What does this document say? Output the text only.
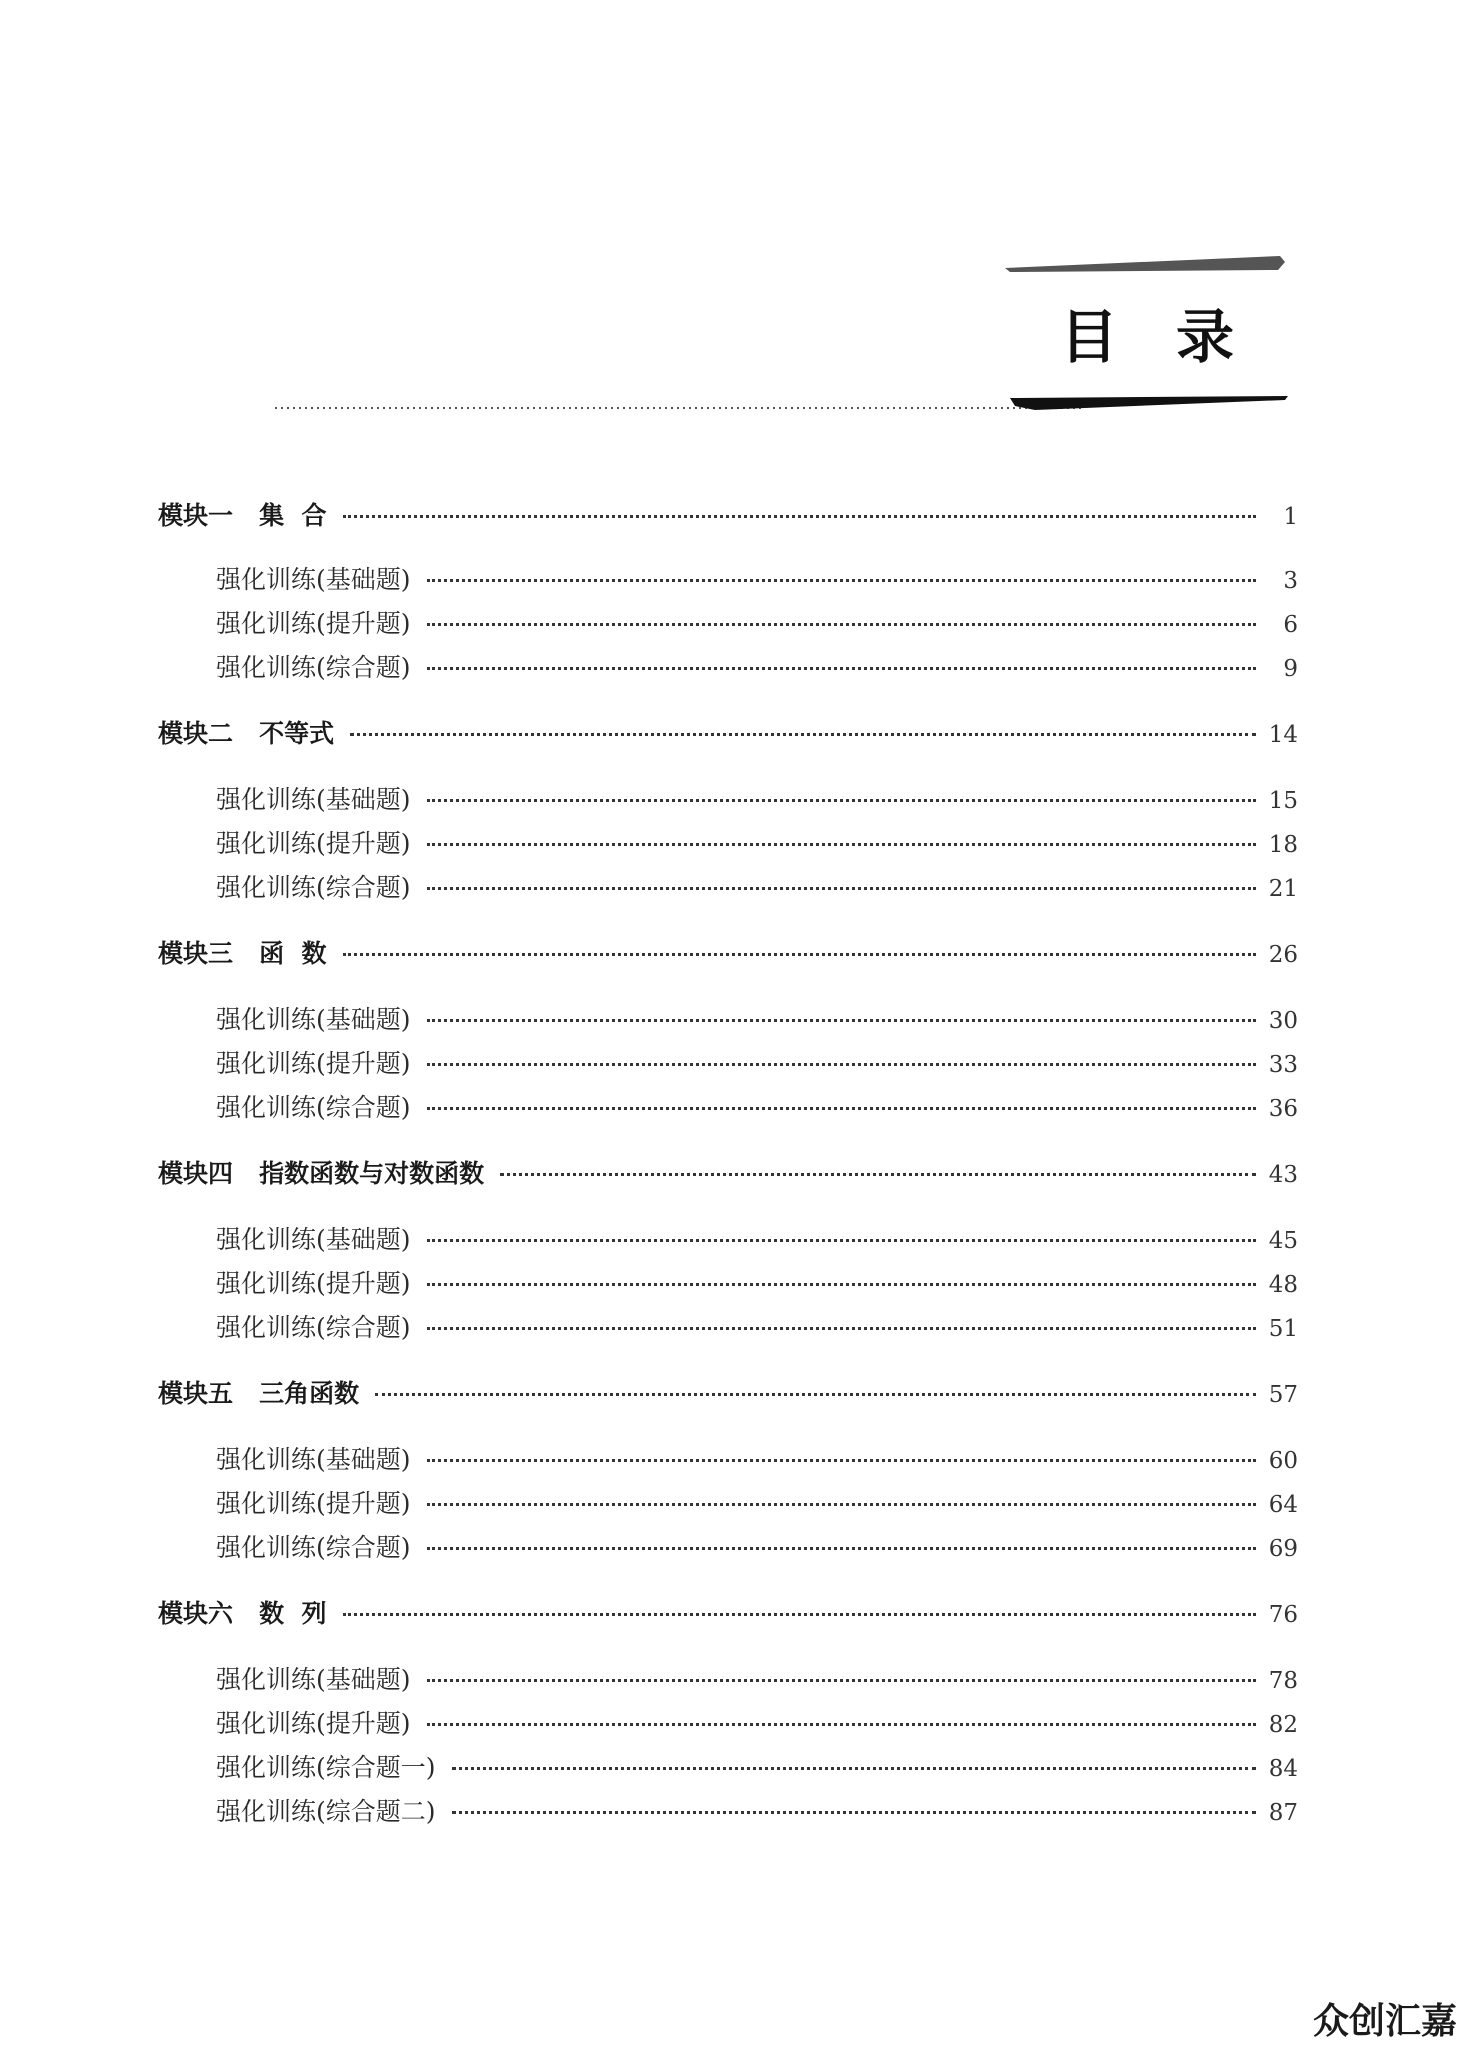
目录
模块一   集  合	1
强化训练(基础题)	3
强化训练(提升题)	6
强化训练(综合题)	9
模块二   不等式	14
强化训练(基础题)	15
强化训练(提升题)	18
强化训练(综合题)	21
模块三   函  数	26
强化训练(基础题)	30
强化训练(提升题)	33
强化训练(综合题)	36
模块四   指数函数与对数函数	43
强化训练(基础题)	45
强化训练(提升题)	48
强化训练(综合题)	51
模块五   三角函数	57
强化训练(基础题)	60
强化训练(提升题)	64
强化训练(综合题)	69
模块六   数  列	76
强化训练(基础题)	78
强化训练(提升题)	82
强化训练(综合题一)	84
强化训练(综合题二)	87
众创汇嘉
